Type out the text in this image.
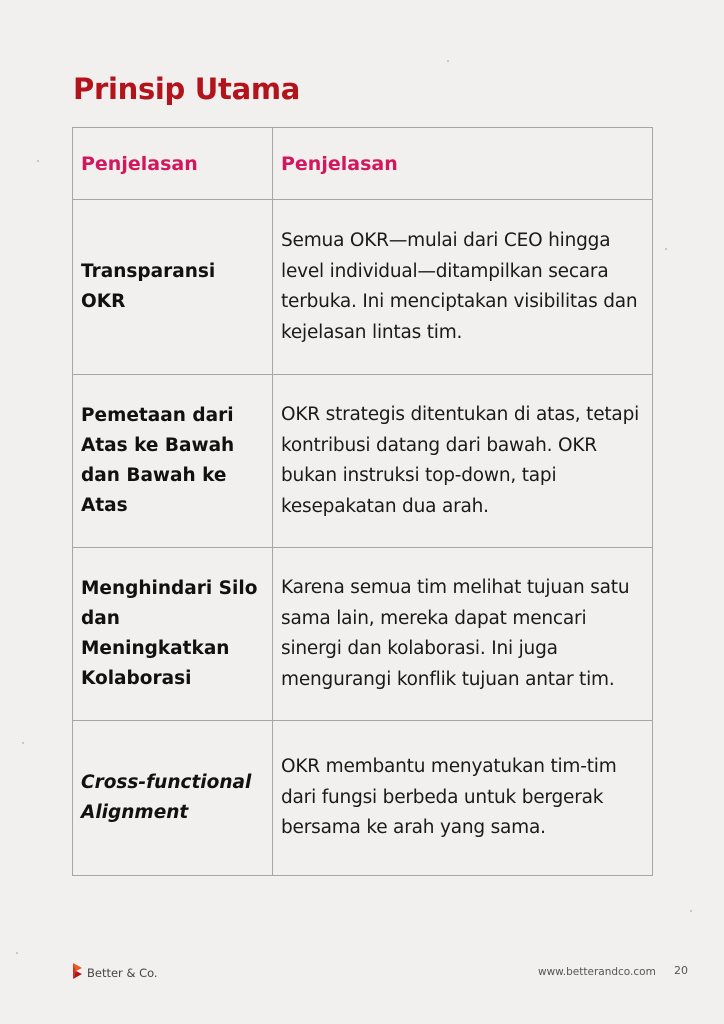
Prinsip Utama
Penjelasan	Penjelasan
Transparansi OKR	Semua OKR—mulai dari CEO hingga level individual—ditampilkan secara terbuka. Ini menciptakan visibilitas dan kejelasan lintas tim.
Pemetaan dari Atas ke Bawah dan Bawah ke Atas	OKR strategis ditentukan di atas, tetapi kontribusi datang dari bawah. OKR bukan instruksi top-down, tapi kesepakatan dua arah.
Menghindari Silo dan Meningkatkan Kolaborasi	Karena semua tim melihat tujuan satu sama lain, mereka dapat mencari sinergi dan kolaborasi. Ini juga mengurangi konflik tujuan antar tim.
Cross-functional Alignment	OKR membantu menyatukan tim-tim dari fungsi berbeda untuk bergerak bersama ke arah yang sama.
Better & Co.	www.betterandco.com 20
